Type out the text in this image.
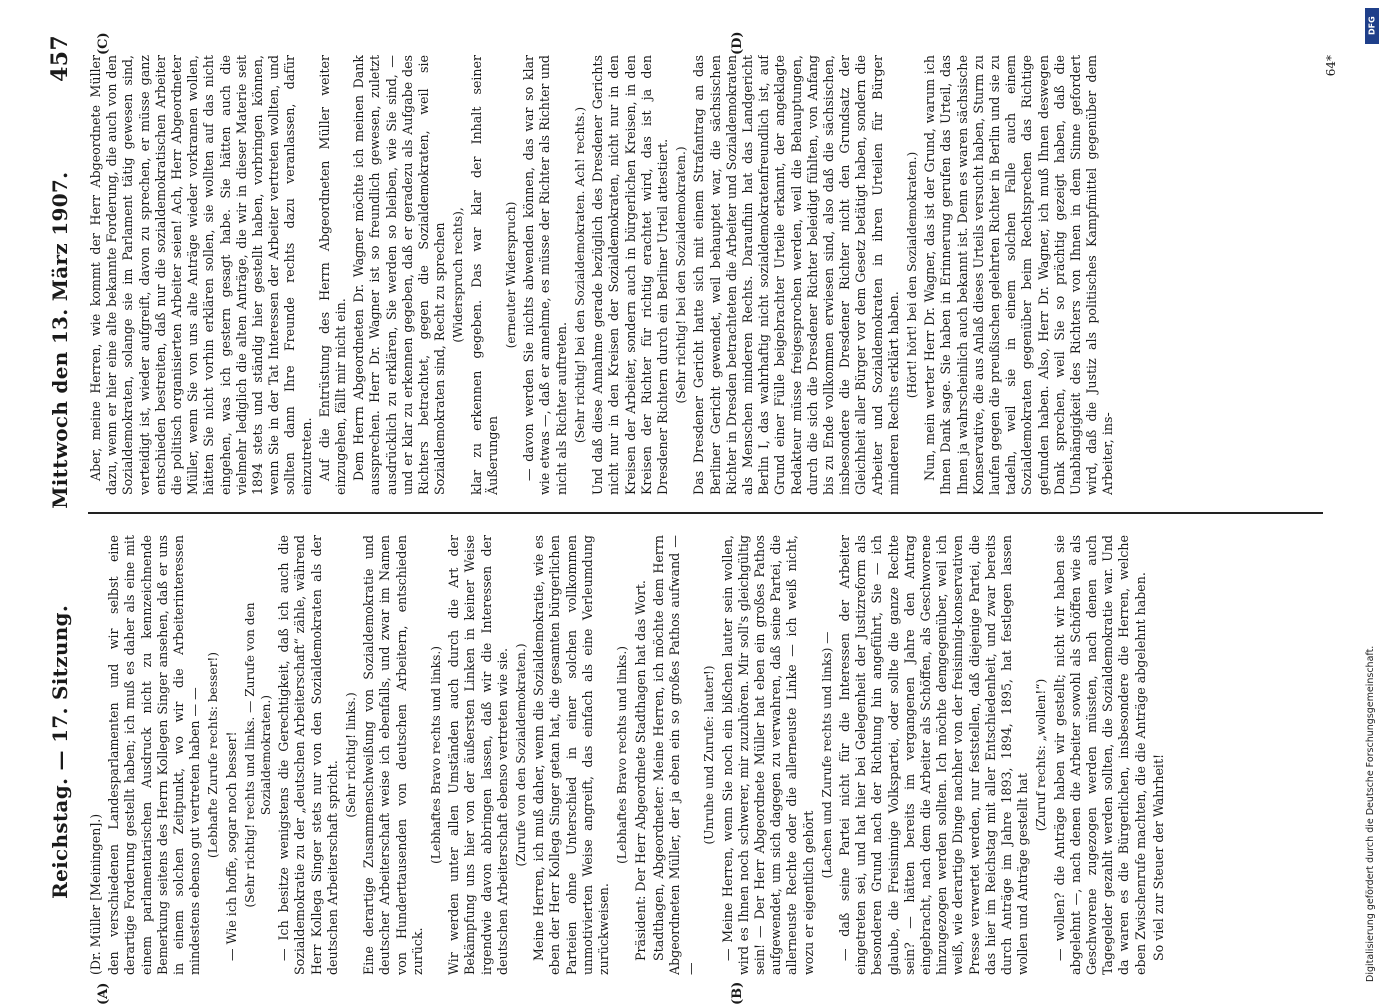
Reichstag. — 17. Sitzung.
Mittwoch den 13. März 1907.
457

(Dr. Müller [Meiningen].) den verschiedenen Landesparlamenten und wir selbst eine derartige Forderung gestellt haben; ich muß es daher als eine mit einem parlamentarischen Ausdruck nicht zu kennzeichnende Bemerkung seitens des Herrn Kollegen Singer ansehen, daß er uns in einem solchen Zeitpunkt, wo wir die Arbeiterinteressen mindestens ebenso gut vertreten haben — — (Lebhafte Zurufe rechts: besser!) — Wie ich hoffe, sogar noch besser! (Sehr richtig! rechts und links. — Zurufe von den Sozialdemokraten.) — Ich besitze wenigstens die Gerechtigkeit, daß ich auch die Sozialdemokratie zu der „deutschen Arbeiterschaft“ zähle, während Herr Kollega Singer stets nur von den Sozialdemokraten als der deutschen Arbeiterschaft spricht.

(Sehr richtig! links.) Eine derartige Zusammenschweißung von Sozialdemokratie und deutscher Arbeiterschaft weise ich ebenfalls, und zwar im Namen von Hunderttausenden von deutschen Arbeitern, entschieden zurück.

(Lebhaftes Bravo rechts und links.) Wir werden unter allen Umständen auch durch die Art der Bekämpfung uns hier von der äußersten Linken in keiner Weise irgendwie davon abbringen lassen, daß wir die Interessen der deutschen Arbeiterschaft ebenso vertreten wie sie. (Zurufe von den Sozialdemokraten.) Meine Herren, ich muß daher, wenn die Sozialdemokratie, wie es eben der Herr Kollega Singer getan hat, die gesamten bürgerlichen Parteien ohne Unterschied in einer solchen vollkommen unmotivierten Weise angreift, das einfach als eine Verleumdung zurückweisen.

(Lebhaftes Bravo rechts und links.) Präsident: Der Herr Abgeordnete Stadthagen hat das Wort. Stadthagen, Abgeordneter: Meine Herren, ich möchte dem Herrn Abgeordneten Müller, der ja eben ein so großes Pathos aufwand — —

(Unruhe und Zurufe: lauter!) — Meine Herren, wenn Sie noch ein bißchen lauter sein wollen, wird es Ihnen noch schwerer, mir zuzuhören. Mir soll's gleichgültig sein! — Der Herr Abgeordnete Müller hat eben ein großes Pathos aufgewendet, um sich dagegen zu verwahren, daß seine Partei, die allerneuste Rechte oder die allerneuste Linke — ich weiß nicht, wozu er eigentlich gehört

(Lachen und Zurufe rechts und links) — — daß seine Partei nicht für die Interessen der Arbeiter eingetreten sei, und hat hier bei Gelegenheit der Justizreform als besonderen Grund nach der Richtung hin angeführt, Sie — ich glaube, die Freisinnige Volkspartei, oder sollte die ganze Rechte sein? — hätten bereits im vergangenen Jahre den Antrag eingebracht, nach dem die Arbeiter als Schöffen, als Geschworene hinzugezogen werden sollten. Ich möchte demgegenüber, weil ich weiß, wie derartige Dinge nachher von der freisinnig-konservativen Presse verwertet werden, nur feststellen, daß diejenige Partei, die das hier im Reichstag mit aller Entschiedenheit, und zwar bereits durch Anträge im Jahre 1893, 1894, 1895, hat festlegen lassen wollen und Anträge gestellt hat

(Zuruf rechts: „wollen!“) — wollen? die Anträge haben wir gestellt; nicht wir haben sie abgelehnt —, nach denen die Arbeiter sowohl als Schöffen wie als Geschworene zugezogen werden müssten, nach denen auch Tagegelder gezahlt werden sollten, die Sozialdemokratie war. Und da waren es die Bürgerlichen, insbesondere die Herren, welche eben Zwischenrufe machten, die die Anträge abgelehnt haben. So viel zur Steuer der Wahrheit!

Aber, meine Herren, wie kommt der Herr Abgeordnete Müller dazu, wenn er hier eine alte bekannte Forderung, die auch von den Sozialdemokraten, solange sie im Parlament tätig gewesen sind, verteidigt ist, wieder aufgreift, davon zu sprechen, er müsse ganz entschieden bestreiten, daß nur die sozialdemokratischen Arbeiter die politisch organisierten Arbeiter seien! Ach, Herr Abgeordneter Müller, wenn Sie von uns alte Anträge wieder vorkramen wollen, hätten Sie nicht vorhin erklären sollen, sie wollten auf das nicht eingehen, was ich gestern gesagt habe. Sie hätten auch die vielmehr lediglich die alten Anträge, die wir in dieser Materie seit 1894 stets und ständig hier gestellt haben, vorbringen können, wenn Sie in der Tat Interessen der Arbeiter vertreten wollten, und sollten dann Ihre Freunde rechts dazu veranlassen, dafür einzutreten. Auf die Entrüstung des Herrn Abgeordneten Müller weiter einzugehen, fällt mir nicht ein. Dem Herrn Abgeordneten Dr. Wagner möchte ich meinen Dank aussprechen. Herr Dr. Wagner ist so freundlich gewesen, zuletzt ausdrücklich zu erklären, Sie werden so bleiben, wie Sie sind, — und er klar zu erkennen gegeben, daß er geradezu als Aufgabe des Richters betrachtet, gegen die Sozialdemokraten, weil sie Sozialdemokraten sind, Recht zu sprechen (Widerspruch rechts), klar zu erkennen gegeben. Das war klar der Inhalt seiner Äußerungen

(erneuter Widerspruch) — davon werden Sie nichts abwenden können, das war so klar wie etwas —, daß er annehme, es müsse der Richter als Richter und nicht als Richter auftreten. (Sehr richtig! bei den Sozialdemokraten. Ach! rechts.) Und daß diese Annahme gerade bezüglich des Dresdener Gerichts nicht nur in den Kreisen der Sozialdemokraten, nicht nur in den Kreisen der Arbeiter, sondern auch in bürgerlichen Kreisen, in den Kreisen der Richter für richtig erachtet wird, das ist ja den Dresdener Richtern durch ein Berliner Urteil attestiert. (Sehr richtig! bei den Sozialdemokraten.) Das Dresdener Gericht hatte sich mit einem Strafantrag an das Berliner Gericht gewendet, weil behauptet war, die sächsischen Richter in Dresden betrachteten die Arbeiter und Sozialdemokraten als Menschen minderen Rechts. Daraufhin hat das Landgericht Berlin I, das wahrhaftig nicht sozialdemokratenfreundlich ist, auf Grund einer Fülle beigebrachter Urteile erkannt, der angeklagte Redakteur müsse freigesprochen werden, weil die Behauptungen, durch die sich die Dresdener Richter beleidigt fühlten, von Anfang bis zu Ende vollkommen erwiesen sind, also daß die sächsischen, insbesondere die Dresdener Richter nicht den Grundsatz der Gleichheit aller Bürger vor dem Gesetz betätigt haben, sondern die Arbeiter und Sozialdemokraten in ihren Urteilen für Bürger minderen Rechts erklärt haben. (Hört! hört! bei den Sozialdemokraten.) Nun, mein werter Herr Dr. Wagner, das ist der Grund, warum ich Ihnen Dank sage. Sie haben in Erinnerung gerufen das Urteil, das Ihnen ja wahrscheinlich auch bekannt ist. Denn es waren sächsische Konservative, die aus Anlaß dieses Urteils versucht haben, Sturm zu laufen gegen die preußischen gelehrten Richter in Berlin und sie zu tadeln, weil sie in einem solchen Falle auch einem Sozialdemokraten gegenüber beim Rechtsprechen das Richtige gefunden haben. Also, Herr Dr. Wagner, ich muß Ihnen deswegen Dank sprechen, weil Sie so prächtig gezeigt haben, daß die Unabhängigkeit des Richters von Ihnen in dem Sinne gefordert wird, daß die Justiz als politisches Kampfmittel gegenüber dem Arbeiter, ins-

(A)	(B)
(C)	(D)
64*
DFG
Digitalisierung gefördert durch die Deutsche Forschungsgemeinschaft.
